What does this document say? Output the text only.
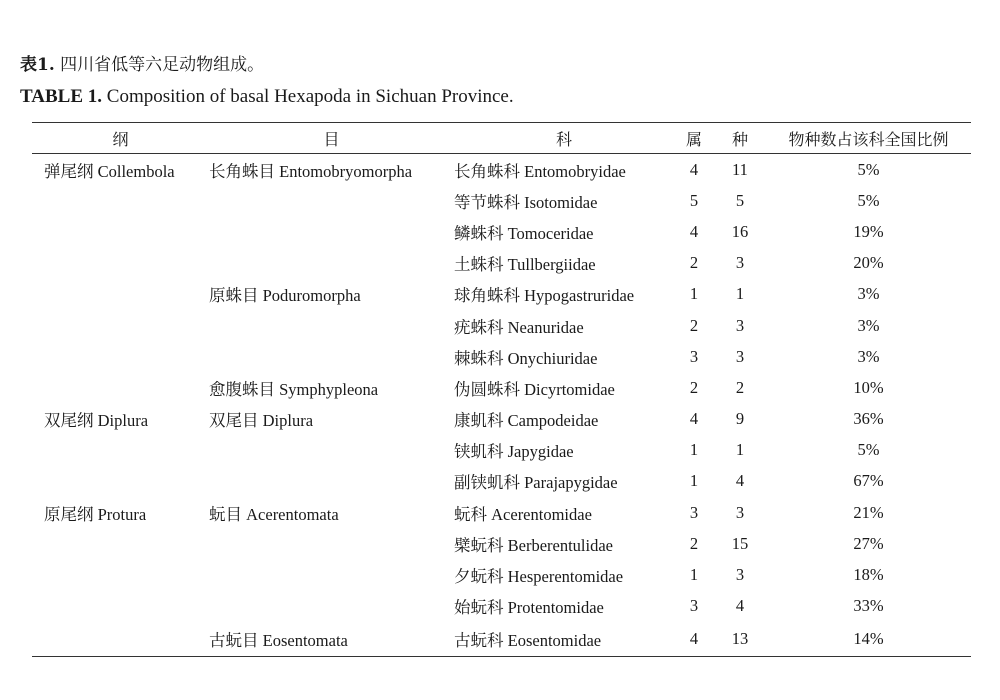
表1. 四川省低等六足动物组成。
TABLE 1. Composition of basal Hexapoda in Sichuan Province.
纲	目	科	属	种	物种数占该科全国比例
弹尾纲 Collembola	长角蛛目 Entomobryomorpha	长角蛛科 Entomobryidae	4	11	5%
		等节蛛科 Isotomidae	5	5	5%
		鳞蛛科 Tomoceridae	4	16	19%
		土蛛科 Tullbergiidae	2	3	20%
	原蛛目 Poduromorpha	球角蛛科 Hypogastruridae	1	1	3%
		疣蛛科 Neanuridae	2	3	3%
		棘蛛科 Onychiuridae	3	3	3%
	愈腹蛛目 Symphypleona	伪圆蛛科 Dicyrtomidae	2	2	10%
双尾纲 Diplura	双尾目 Diplura	康虮科 Campodeidae	4	9	36%
		铗虮科 Japygidae	1	1	5%
		副铗虮科 Parajapygidae	1	4	67%
原尾纲 Protura	蚖目 Acerentomata	蚖科 Acerentomidae	3	3	21%
		檗蚖科 Berberentulidae	2	15	27%
		夕蚖科 Hesperentomidae	1	3	18%
		始蚖科 Protentomidae	3	4	33%
	古蚖目 Eosentomata	古蚖科 Eosentomidae	4	13	14%
